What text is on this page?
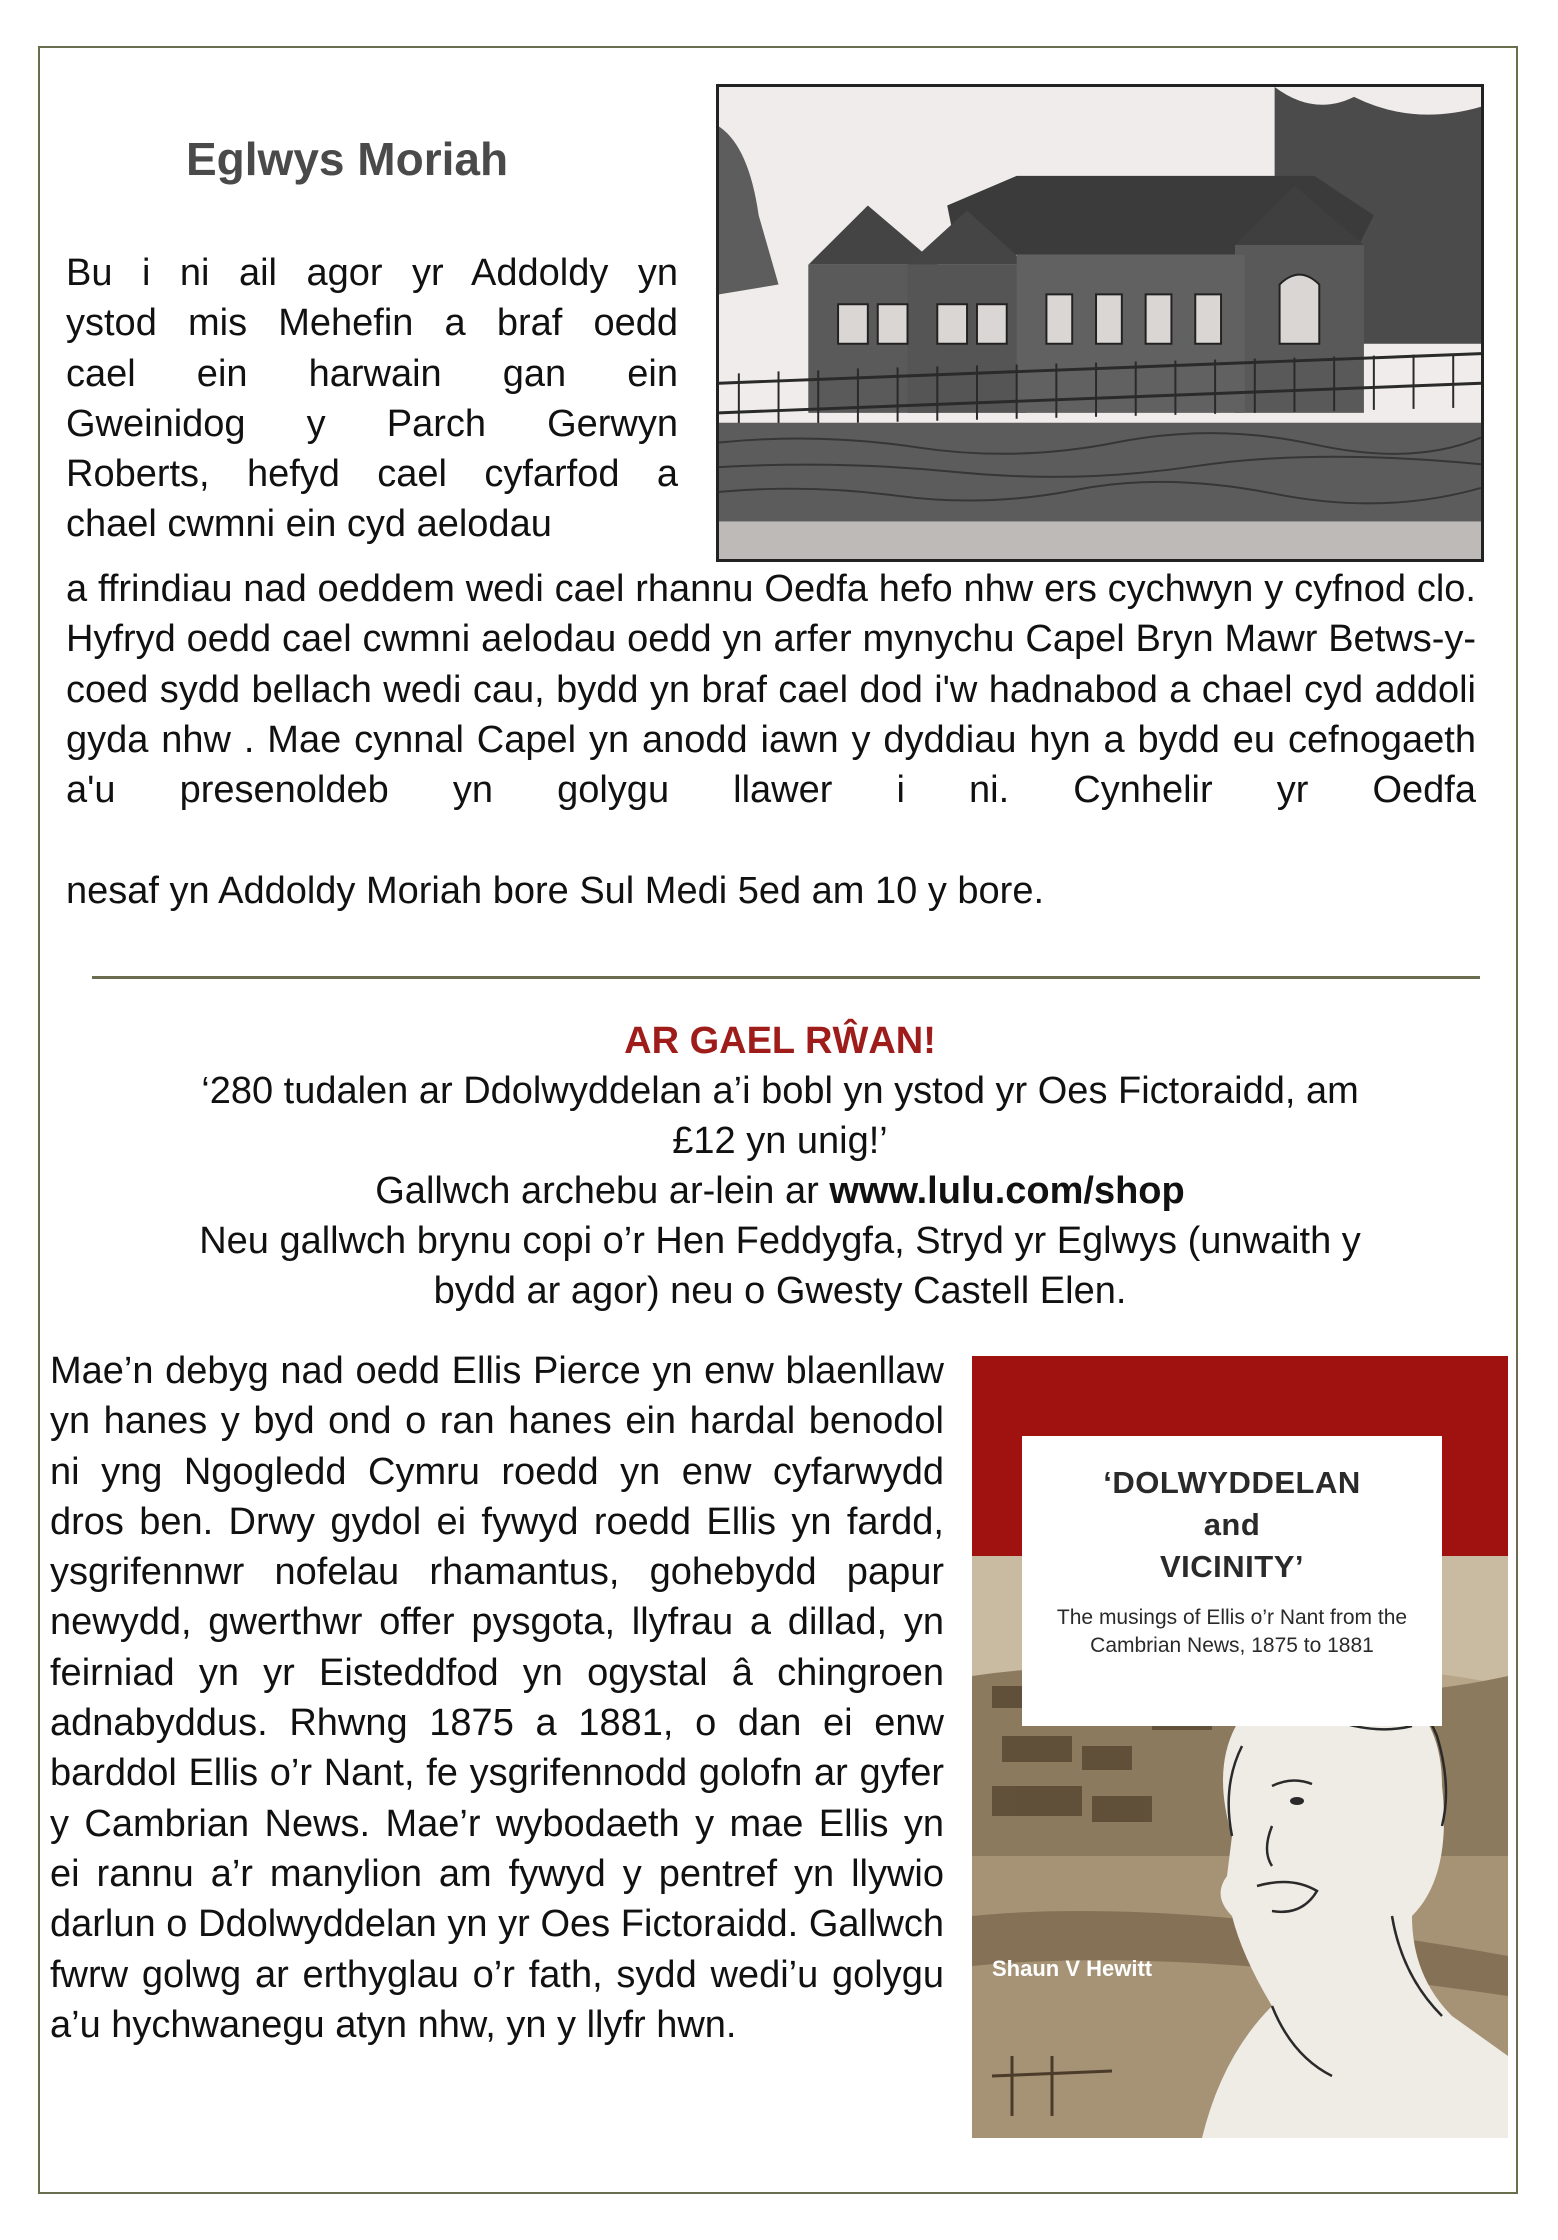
Eglwys Moriah
Bu i ni ail agor yr Addoldy yn
ystod mis Mehefin a braf oedd
cael ein harwain gan ein
Gweinidog y Parch Gerwyn
Roberts, hefyd cael cyfarfod a
chael cwmni ein cyd aelodau

a ffrindiau nad oeddem wedi cael rhannu Oedfa hefo nhw ers cychwyn y cyfnod clo. Hyfryd oedd cael cwmni aelodau oedd yn arfer mynychu Capel Bryn Mawr Betws-y-coed sydd bellach wedi cau, bydd yn braf cael dod i'w hadnabod a chael cyd addoli gyda nhw . Mae cynnal Capel yn anodd iawn y dyddiau hyn a bydd eu cefnogaeth a'u presenoldeb yn golygu llawer i ni. Cynhelir yr Oedfa

nesaf yn Addoldy Moriah bore Sul Medi 5ed am 10 y bore.

AR GAEL RŴAN!
‘280 tudalen ar Ddolwyddelan a’i bobl yn ystod yr Oes Fictoraidd, am
£12 yn unig!’
Gallwch archebu ar-lein ar www.lulu.com/shop
Neu gallwch brynu copi o’r Hen Feddygfa, Stryd yr Eglwys (unwaith y
bydd ar agor) neu o Gwesty Castell Elen.

Mae’n debyg nad oedd Ellis Pierce yn enw blaenllaw yn hanes y byd ond o ran hanes ein hardal benodol ni yng Ngogledd Cymru roedd yn enw cyfarwydd dros ben. Drwy gydol ei fywyd roedd Ellis yn fardd, ysgrifennwr nofelau rhamantus, gohebydd papur newydd, gwerthwr offer pysgota, llyfrau a dillad, yn feirniad yn yr Eisteddfod yn ogystal â chingroen adnabyddus. Rhwng 1875 a 1881, o dan ei enw barddol Ellis o’r Nant, fe ysgrifennodd golofn ar gyfer y Cambrian News. Mae’r wybodaeth y mae Ellis yn ei rannu a’r manylion am fywyd y pentref yn llywio darlun o Ddolwyddelan yn yr Oes Fictoraidd. Gallwch fwrw golwg ar erthyglau o’r fath, sydd wedi’u golygu a’u hychwanegu atyn nhw, yn y llyfr hwn.

‘DOLWYDDELAN
and
VICINITY’
The musings of Ellis o’r Nant from the Cambrian News, 1875 to 1881
Shaun V Hewitt
